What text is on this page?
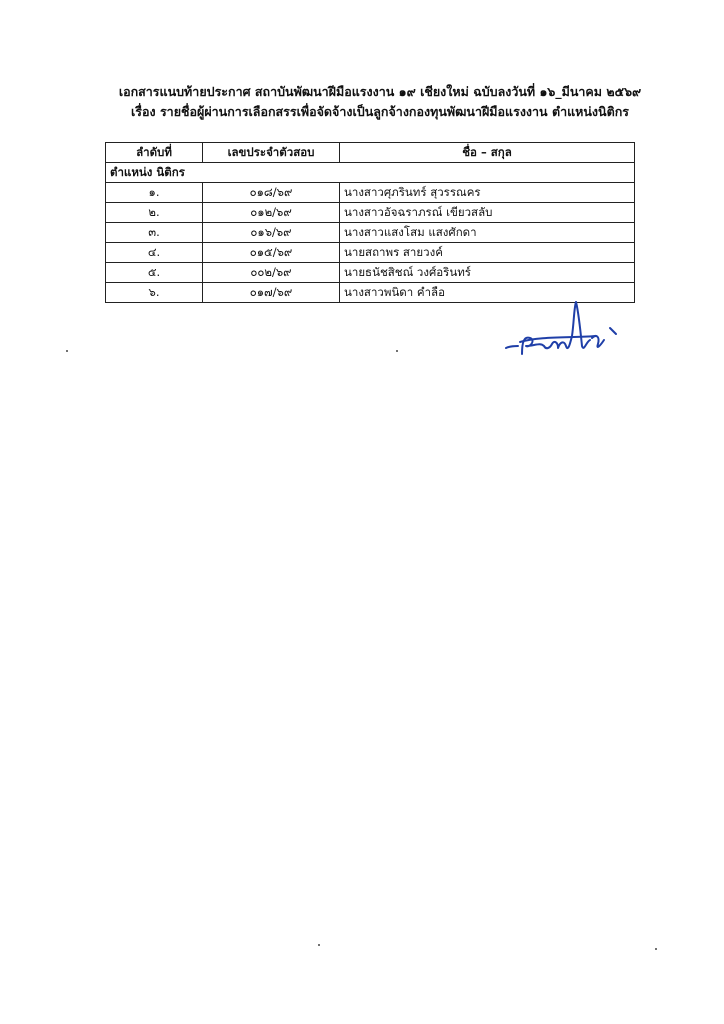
เอกสารแนบท้ายประกาศ สถาบันพัฒนาฝีมือแรงงาน ๑๙ เชียงใหม่ ฉบับลงวันที่ ๑๖_มีนาคม ๒๕๖๙
เรื่อง รายชื่อผู้ผ่านการเลือกสรรเพื่อจัดจ้างเป็นลูกจ้างกองทุนพัฒนาฝีมือแรงงาน ตำแหน่งนิติกร
ลำดับที่	เลขประจำตัวสอบ	ชื่อ – สกุล
ตำแหน่ง นิติกร		
๑.	๐๑๘/๖๙	นางสาวศุภรินทร์ สุวรรณคร
๒.	๐๑๒/๖๙	นางสาวอัจฉราภรณ์ เขียวสลับ
๓.	๐๑๖/๖๙	นางสาวแสงโสม แสงศักดา
๔.	๐๑๕/๖๙	นายสถาพร สายวงค์
๕.	๐๐๒/๖๙	นายธนัชสิชณ์ วงศ์อรินทร์
๖.	๐๑๗/๖๙	นางสาวพนิดา คำลือ
